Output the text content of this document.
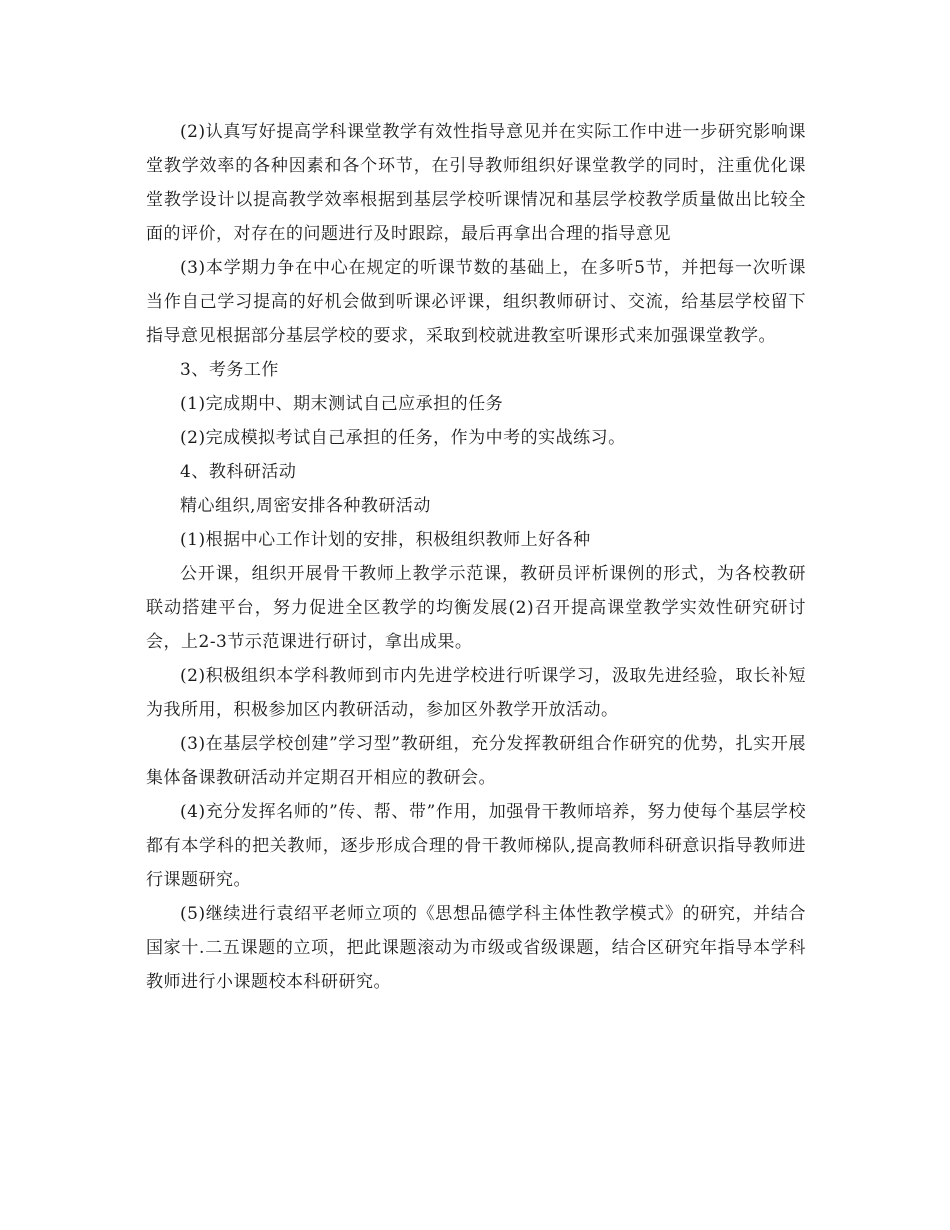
(2)认真写好提高学科课堂教学有效性指导意见并在实际工作中进一步研究影响课堂教学效率的各种因素和各个环节，在引导教师组织好课堂教学的同时，注重优化课堂教学设计以提高教学效率根据到基层学校听课情况和基层学校教学质量做出比较全面的评价，对存在的问题进行及时跟踪，最后再拿出合理的指导意见

(3)本学期力争在中心在规定的听课节数的基础上，在多听5节，并把每一次听课当作自己学习提高的好机会做到听课必评课，组织教师研讨、交流，给基层学校留下指导意见根据部分基层学校的要求，采取到校就进教室听课形式来加强课堂教学。

3、考务工作

(1)完成期中、期末测试自己应承担的任务

(2)完成模拟考试自己承担的任务，作为中考的实战练习。

4、教科研活动

精心组织,周密安排各种教研活动

(1)根据中心工作计划的安排，积极组织教师上好各种

公开课，组织开展骨干教师上教学示范课，教研员评析课例的形式，为各校教研联动搭建平台，努力促进全区教学的均衡发展(2)召开提高课堂教学实效性研究研讨会，上2-3节示范课进行研讨，拿出成果。

(2)积极组织本学科教师到市内先进学校进行听课学习，汲取先进经验，取长补短为我所用，积极参加区内教研活动，参加区外教学开放活动。

(3)在基层学校创建”学习型”教研组，充分发挥教研组合作研究的优势，扎实开展集体备课教研活动并定期召开相应的教研会。

(4)充分发挥名师的”传、帮、带”作用，加强骨干教师培养，努力使每个基层学校都有本学科的把关教师，逐步形成合理的骨干教师梯队,提高教师科研意识指导教师进行课题研究。

(5)继续进行袁绍平老师立项的《思想品德学科主体性教学模式》的研究，并结合国家十.二五课题的立项，把此课题滚动为市级或省级课题，结合区研究年指导本学科教师进行小课题校本科研研究。
